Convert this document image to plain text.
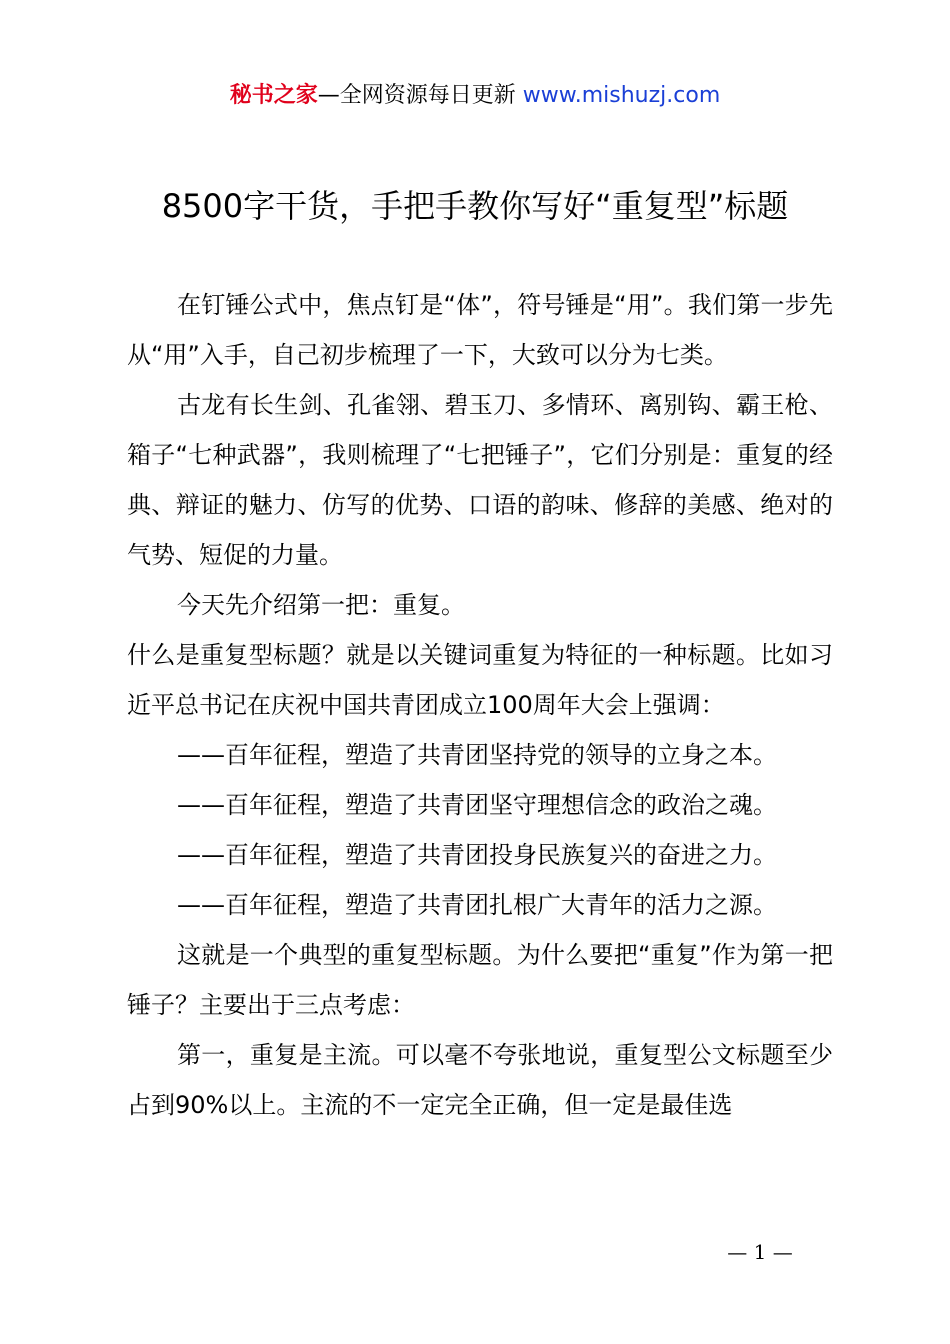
秘书之家—全网资源每日更新 www.mishuzj.com
8500字干货，手把手教你写好“重复型”标题

在钉锤公式中，焦点钉是“体”，符号锤是“用”。我们第一步先从“用”入手，自己初步梳理了一下，大致可以分为七类。

古龙有长生剑、孔雀翎、碧玉刀、多情环、离别钩、霸王枪、箱子“七种武器”，我则梳理了“七把锤子”，它们分别是：重复的经典、辩证的魅力、仿写的优势、口语的韵味、修辞的美感、绝对的气势、短促的力量。

今天先介绍第一把：重复。

什么是重复型标题？就是以关键词重复为特征的一种标题。比如习近平总书记在庆祝中国共青团成立100周年大会上强调：

——百年征程，塑造了共青团坚持党的领导的立身之本。

——百年征程，塑造了共青团坚守理想信念的政治之魂。

——百年征程，塑造了共青团投身民族复兴的奋进之力。

——百年征程，塑造了共青团扎根广大青年的活力之源。

这就是一个典型的重复型标题。为什么要把“重复”作为第一把锤子？主要出于三点考虑：

第一，重复是主流。可以毫不夸张地说，重复型公文标题至少占到90%以上。主流的不一定完全正确，但一定是最佳选

— 1 —
